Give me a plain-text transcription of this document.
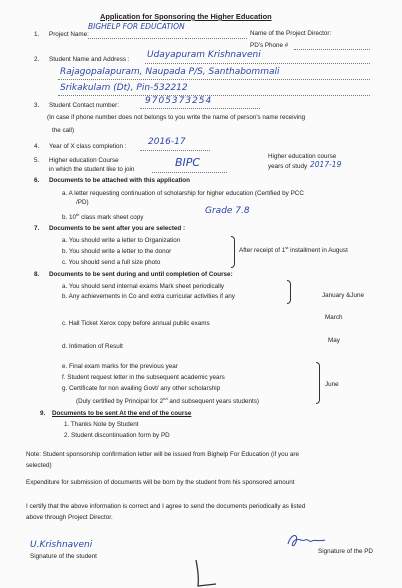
Application for Sponsoring the Higher Education
1. Project Name:
BIGHELP FOR EDUCATION
Name of the Project Director:
PD's Phone #
2. Student Name and Address : Udayapuram Krishnaveni
Rajagopalapuram, Naupada P/S, Santhabommali
Srikakulam (Dt), Pin-532212
3. Student Contact number:	9705373254
(In case if phone number does not belongs to you write the name of person's name receiving
the call)
4. Year of X class completion : 2016-17
5. Higher education Course
in which the student like to join
BIPC	Higher education course
years of study 2017-19
6. Documents to be attached with this application
a. A letter requesting continuation of scholarship for higher education (Certified by PCC
/PD)
b. 10th class mark sheet copy
Grade 7.8
7. Documents to be sent after you are selected :
a. You should write a letter to Organization
b. You should write a letter to the donor
c. You should send a full size photo
After receipt of 1st installment in August
8. Documents to be sent during and until completion of Course:
a. You should send internal exams Mark sheet periodically
b. Any achievements in Co and extra curricular activities if any	January &June
c. Hall Ticket Xerox copy before annual public exams
March
d. Intimation of Result
May
e. Final exam marks for the previous year
f. Student request letter in the subsequent academic years
g. Certificate for non availing Govt/ any other scholarship
(Duly certified by Principal for 2nd and subsequent years students)
June
9. Documents to be sent At the end of the course
1. Thanks Note by Student
2. Student discontinuation form by PD
Note: Student sponsorship confirmation letter will be issued from Bighelp For Education (if you are
selected)
Expenditure for submission of documents will be born by the student from his sponsored amount
I certify that the above information is correct and I agree to send the documents periodically as listed
above through Project Director.
U.Krishnaveni
Signature of the student
Signature of the PD
